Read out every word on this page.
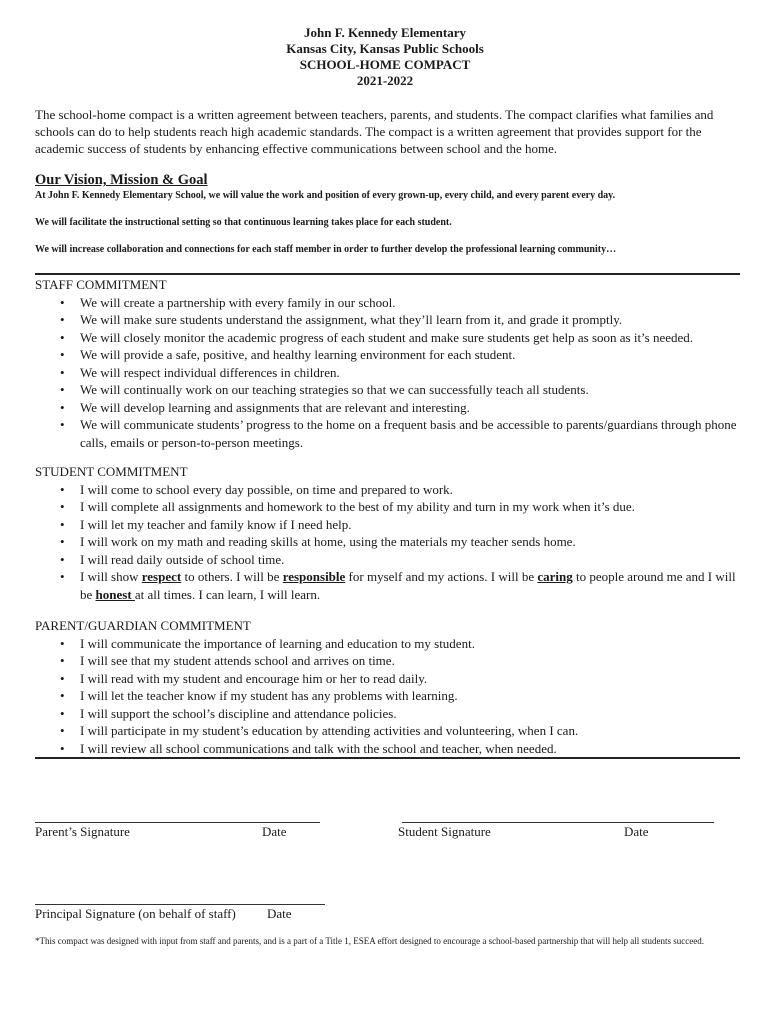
John F. Kennedy Elementary
Kansas City, Kansas Public Schools
SCHOOL-HOME COMPACT
2021-2022
The school-home compact is a written agreement between teachers, parents, and students. The compact clarifies what families and schools can do to help students reach high academic standards. The compact is a written agreement that provides support for the academic success of students by enhancing effective communications between school and the home.
Our Vision, Mission & Goal
At John F. Kennedy Elementary School, we will value the work and position of every grown-up, every child, and every parent every day.
We will facilitate the instructional setting so that continuous learning takes place for each student.
We will increase collaboration and connections for each staff member in order to further develop the professional learning community…
STAFF COMMITMENT
• We will create a partnership with every family in our school.
• We will make sure students understand the assignment, what they’ll learn from it, and grade it promptly.
• We will closely monitor the academic progress of each student and make sure students get help as soon as it’s needed.
• We will provide a safe, positive, and healthy learning environment for each student.
• We will respect individual differences in children.
• We will continually work on our teaching strategies so that we can successfully teach all students.
• We will develop learning and assignments that are relevant and interesting.
• We will communicate students’ progress to the home on a frequent basis and be accessible to parents/guardians through phone calls, emails or person-to-person meetings.
STUDENT COMMITMENT
• I will come to school every day possible, on time and prepared to work.
• I will complete all assignments and homework to the best of my ability and turn in my work when it’s due.
• I will let my teacher and family know if I need help.
• I will work on my math and reading skills at home, using the materials my teacher sends home.
• I will read daily outside of school time.
• I will show respect to others. I will be responsible for myself and my actions. I will be caring to people around me and I will be honest at all times. I can learn, I will learn.
PARENT/GUARDIAN COMMITMENT
• I will communicate the importance of learning and education to my student.
• I will see that my student attends school and arrives on time.
• I will read with my student and encourage him or her to read daily.
• I will let the teacher know if my student has any problems with learning.
• I will support the school’s discipline and attendance policies.
• I will participate in my student’s education by attending activities and volunteering, when I can.
• I will review all school communications and talk with the school and teacher, when needed.
Parent’s Signature	Date	Student Signature	Date
Principal Signature (on behalf of staff) Date
*This compact was designed with input from staff and parents, and is a part of a Title 1, ESEA effort designed to encourage a school-based partnership that will help all students succeed.
